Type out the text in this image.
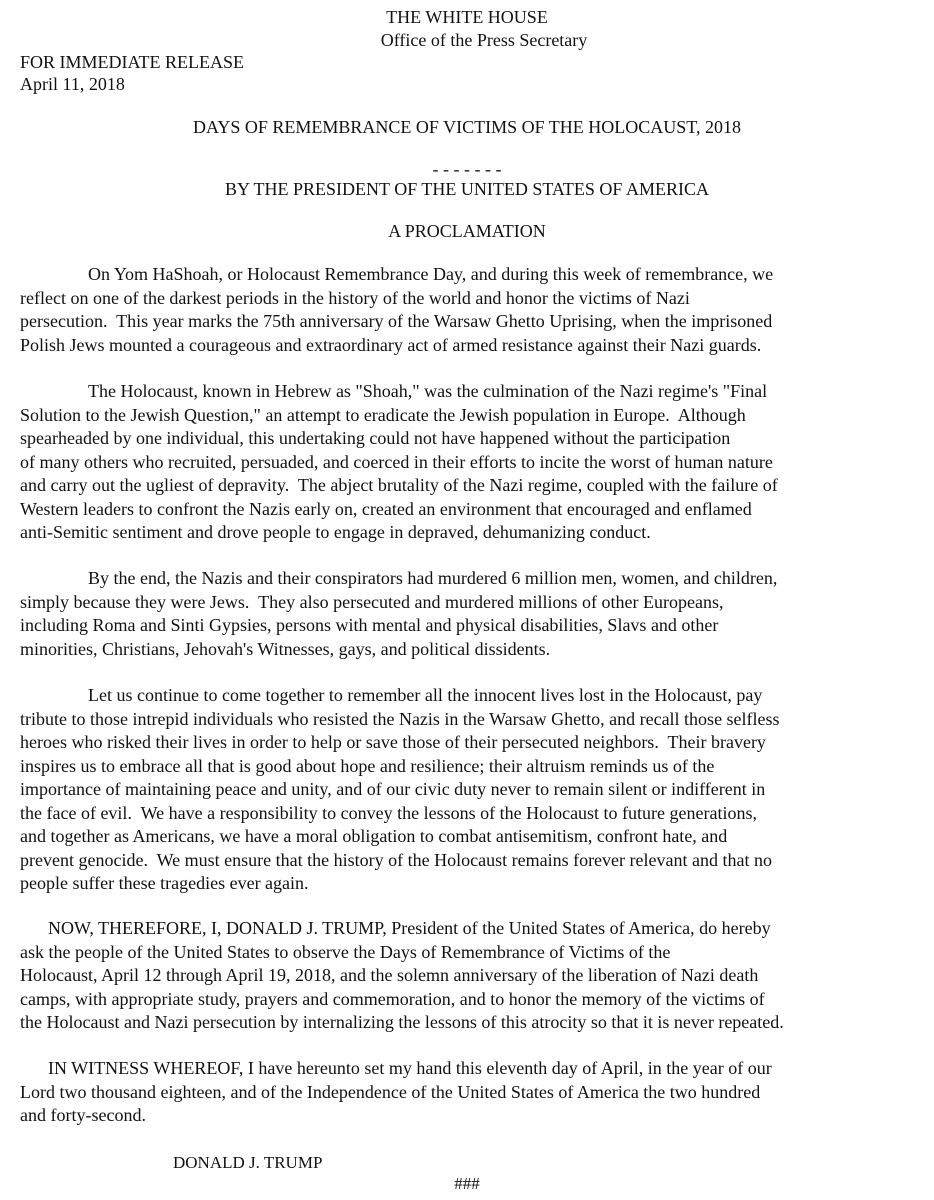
THE WHITE HOUSE
Office of the Press Secretary
FOR IMMEDIATE RELEASE
April 11, 2018
DAYS OF REMEMBRANCE OF VICTIMS OF THE HOLOCAUST, 2018
- - - - - - -
BY THE PRESIDENT OF THE UNITED STATES OF AMERICA
A PROCLAMATION
On Yom HaShoah, or Holocaust Remembrance Day, and during this week of remembrance, we
reflect on one of the darkest periods in the history of the world and honor the victims of Nazi
persecution.  This year marks the 75th anniversary of the Warsaw Ghetto Uprising, when the imprisoned
Polish Jews mounted a courageous and extraordinary act of armed resistance against their Nazi guards.
The Holocaust, known in Hebrew as "Shoah," was the culmination of the Nazi regime's "Final
Solution to the Jewish Question," an attempt to eradicate the Jewish population in Europe.  Although
spearheaded by one individual, this undertaking could not have happened without the participation
of many others who recruited, persuaded, and coerced in their efforts to incite the worst of human nature
and carry out the ugliest of depravity.  The abject brutality of the Nazi regime, coupled with the failure of
Western leaders to confront the Nazis early on, created an environment that encouraged and enflamed
anti-Semitic sentiment and drove people to engage in depraved, dehumanizing conduct.
By the end, the Nazis and their conspirators had murdered 6 million men, women, and children,
simply because they were Jews.  They also persecuted and murdered millions of other Europeans,
including Roma and Sinti Gypsies, persons with mental and physical disabilities, Slavs and other
minorities, Christians, Jehovah's Witnesses, gays, and political dissidents.
Let us continue to come together to remember all the innocent lives lost in the Holocaust, pay
tribute to those intrepid individuals who resisted the Nazis in the Warsaw Ghetto, and recall those selfless
heroes who risked their lives in order to help or save those of their persecuted neighbors.  Their bravery
inspires us to embrace all that is good about hope and resilience; their altruism reminds us of the
importance of maintaining peace and unity, and of our civic duty never to remain silent or indifferent in
the face of evil.  We have a responsibility to convey the lessons of the Holocaust to future generations,
and together as Americans, we have a moral obligation to combat antisemitism, confront hate, and
prevent genocide.  We must ensure that the history of the Holocaust remains forever relevant and that no
people suffer these tragedies ever again.
NOW, THEREFORE, I, DONALD J. TRUMP, President of the United States of America, do hereby
ask the people of the United States to observe the Days of Remembrance of Victims of the
Holocaust, April 12 through April 19, 2018, and the solemn anniversary of the liberation of Nazi death
camps, with appropriate study, prayers and commemoration, and to honor the memory of the victims of
the Holocaust and Nazi persecution by internalizing the lessons of this atrocity so that it is never repeated.
IN WITNESS WHEREOF, I have hereunto set my hand this eleventh day of April, in the year of our
Lord two thousand eighteen, and of the Independence of the United States of America the two hundred
and forty-second.
DONALD J. TRUMP
###
